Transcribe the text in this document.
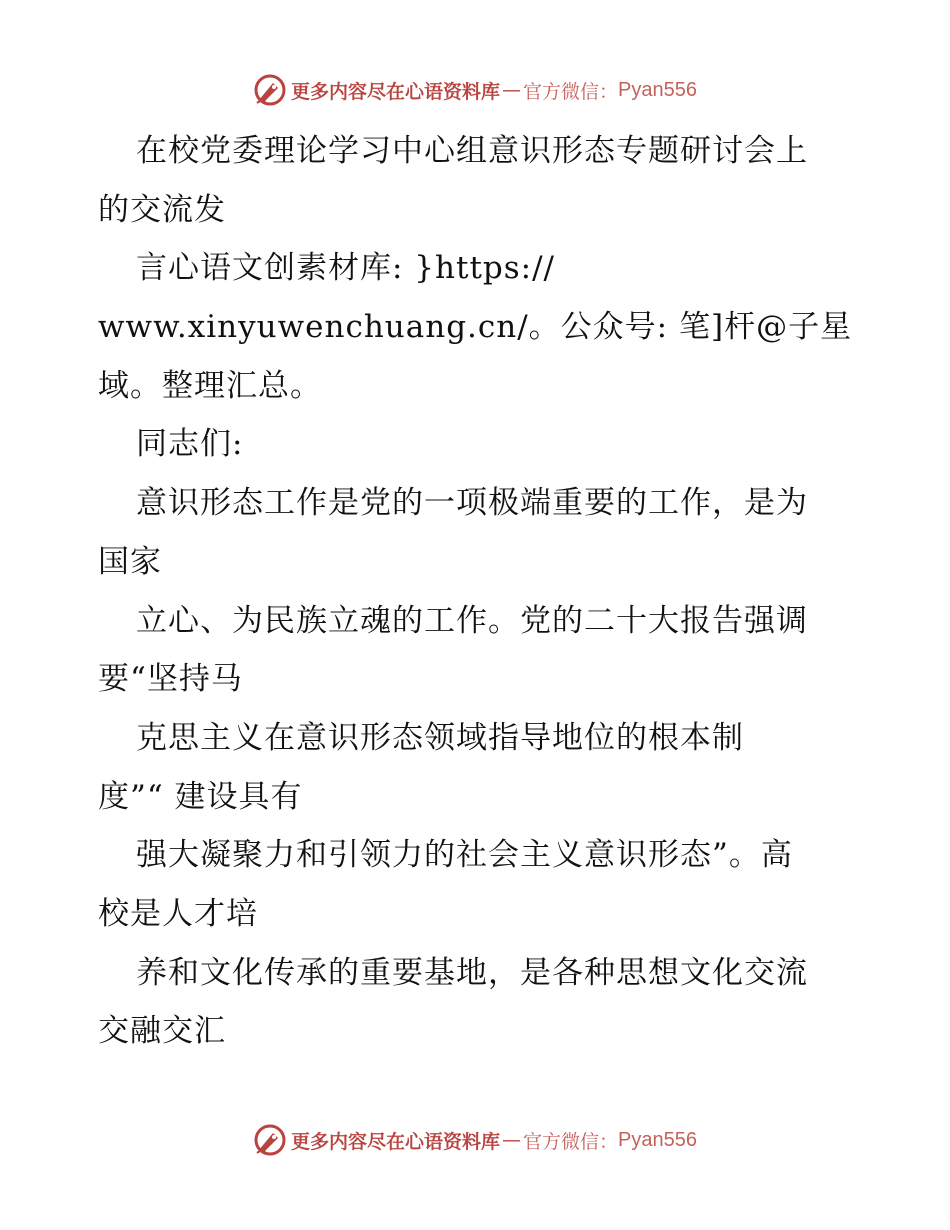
更多内容尽在心语资料库 — 官方微信： Pyan556
在校党委理论学习中心组意识形态专题研讨会上
的交流发
言心语文创素材库: }https://
www.xinyuwenchuang.cn/。公众号: 笔]杆@子星
域。整理汇总。
同志们:
意识形态工作是党的一项极端重要的工作，是为
国家
立心、为民族立魂的工作。党的二十大报告强调
要“坚持马
克思主义在意识形态领域指导地位的根本制
度”“ 建设具有
强大凝聚力和引领力的社会主义意识形态”。高
校是人才培
养和文化传承的重要基地，是各种思想文化交流
交融交汇
更多内容尽在心语资料库 — 官方微信： Pyan556
